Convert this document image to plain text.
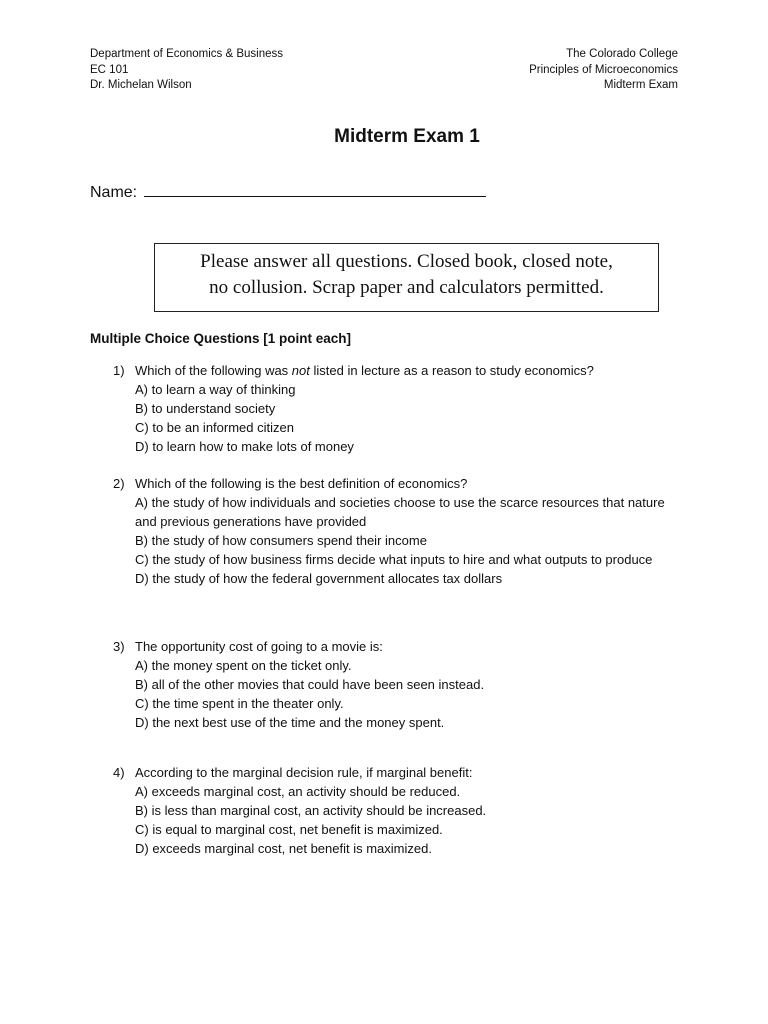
Department of Economics & Business
EC 101
Dr. Michelan Wilson
The Colorado College
Principles of Microeconomics
Midterm Exam
Midterm Exam 1
Name:
Please answer all questions. Closed book, closed note,
no collusion. Scrap paper and calculators permitted.
Multiple Choice Questions [1 point each]
1) Which of the following was not listed in lecture as a reason to study economics?
A) to learn a way of thinking
B) to understand society
C) to be an informed citizen
D) to learn how to make lots of money
2) Which of the following is the best definition of economics?
A) the study of how individuals and societies choose to use the scarce resources that nature and previous generations have provided
B) the study of how consumers spend their income
C) the study of how business firms decide what inputs to hire and what outputs to produce
D) the study of how the federal government allocates tax dollars
3) The opportunity cost of going to a movie is:
A) the money spent on the ticket only.
B) all of the other movies that could have been seen instead.
C) the time spent in the theater only.
D) the next best use of the time and the money spent.
4) According to the marginal decision rule, if marginal benefit:
A) exceeds marginal cost, an activity should be reduced.
B) is less than marginal cost, an activity should be increased.
C) is equal to marginal cost, net benefit is maximized.
D) exceeds marginal cost, net benefit is maximized.
